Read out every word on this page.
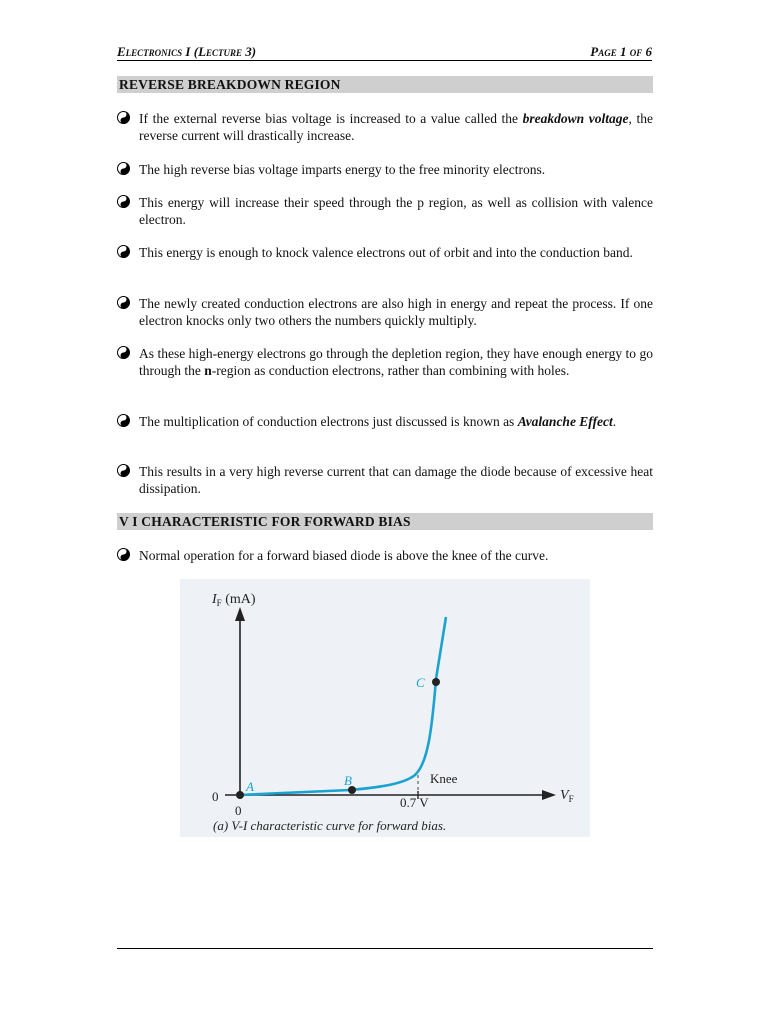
Electronics I (Lecture 3)	Page 1 of 6
REVERSE BREAKDOWN REGION
If the external reverse bias voltage is increased to a value called the breakdown voltage, the reverse current will drastically increase.
The high reverse bias voltage imparts energy to the free minority electrons.
This energy will increase their speed through the p region, as well as collision with valence electron.
This energy is enough to knock valence electrons out of orbit and into the conduction band.
The newly created conduction electrons are also high in energy and repeat the process. If one electron knocks only two others the numbers quickly multiply.
As these high-energy electrons go through the depletion region, they have enough energy to go through the n-region as conduction electrons, rather than combining with holes.
The multiplication of conduction electrons just discussed is known as Avalanche Effect.
This results in a very high reverse current that can damage the diode because of excessive heat dissipation.
V I CHARACTERISTIC FOR FORWARD BIAS
Normal operation for a forward biased diode is above the knee of the curve.
$I_F$ (mA)
$V_F$
0
0
0.7 V
Knee
A	B
C
(a) V-I characteristic curve for forward bias.
